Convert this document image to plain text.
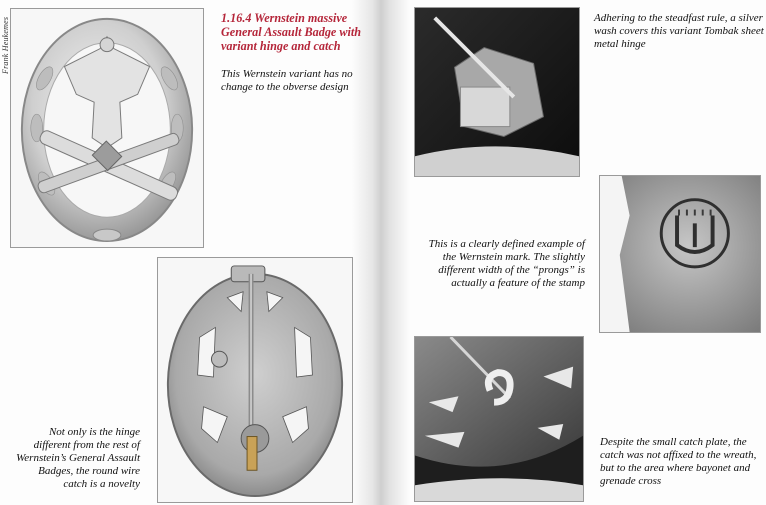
Frank Heukemes	1.16.4 Wernstein massive General Assault Badge with variant hinge and catch
This Wernstein variant has no change to the obverse design
Not only is the hinge different from the rest of Wernstein’s General Assault Badges, the round wire catch is a novelty
Adhering to the steadfast rule, a silver wash covers this variant Tombak sheet metal hinge
This is a clearly defined example of the Wernstein mark. The slightly different width of the “prongs” is actually a feature of the stamp
Despite the small catch plate, the catch was not affixed to the wreath, but to the area where bayonet and grenade cross
